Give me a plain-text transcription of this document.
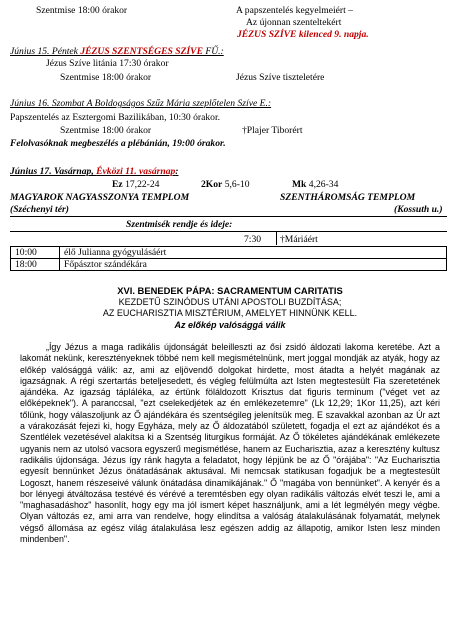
Szentmise 18:00 órakor	A papszentelés kegyelmeiért –
Az újonnan szenteltekért
JÉZUS SZÍVE kilenced 9. napja.
Június 15. Péntek JÉZUS SZENTSÉGES SZÍVE FŰ.:
Jézus Szíve litánia 17:30 órakor
Szentmise 18:00 órakor	Jézus Szíve tiszteletére
Június 16. Szombat A Boldogságos Szűz Mária szeplőtelen Szíve E.:
Papszentelés az Esztergomi Bazilikában, 10:30 órakor.
Szentmise 18:00 órakor	†Plajer Tiborért
Felolvasóknak megbeszélés a plébánián, 19:00 órakor.
Június 17. Vasárnap, Évközi 11. vasárnap:
Ez 17,22-24	2Kor 5,6-10	Mk 4,26-34
MAGYAROK NAGYASSZONYA TEMPLOM	SZENTHÁROMSÁG TEMPLOM
(Széchenyi tér)	(Kossuth u.)
Szentmisék rendje és ideje:
7:30 †Máriáért
10:00	élő Julianna gyógyulásáért
18:00	Főpásztor szándékára
XVI. BENEDEK PÁPA: SACRAMENTUM CARITATIS
KEZDETŰ SZINÓDUS UTÁNI APOSTOLI BUZDÍTÁSA;
AZ EUCHARISZTIA MISZTÉRIUM, AMELYET HINNÜNK KELL.
Az előkép valósággá válik
„Így Jézus a maga radikális újdonságát beleilleszti az ősi zsidó áldozati lakoma keretébe. Azt a lakomát nekünk, keresztényeknek többé nem kell megismételnünk, mert joggal mondják az atyák, hogy az előkép valósággá válik: az, ami az eljövendő dolgokat hirdette, most átadta a helyét magának az igazságnak. A régi szertartás beteljesedett, és végleg felülmúlta azt Isten megtestesült Fia szeretetének ajándéka. Az igazság táplálékа, az értünk föláldozott Krisztus dat figuris terminum ("véget vet az előképeknek"). A paranccsal, "ezt cselekedjétek az én emlékezetemre" (Lk 12,29; 1Kor 11,25), azt kéri tőlünk, hogy válaszoljunk az Ő ajándékára és szentségileg jelenítsük meg. E szavakkal azonban az Úr azt a várakozását fejezi ki, hogy Egyháza, mely az Ő áldozatából született, fogadja el ezt az ajándékot és a Szentlélek vezetésével alakítsa ki a Szentség liturgikus formáját. Az Ő tökéletes ajándékának emlékezete ugyanis nem az utolsó vacsora egyszerű megismétlése, hanem az Eucharisztia, azaz a keresztény kultusz radikális újdonsága. Jézus így ránk hagyta a feladatot, hogy lépjünk be az Ő "órájába": "Az Eucharisztia egyesít bennünket Jézus önátadásának aktusával. Mi nemcsak statikusan fogadjuk be a megtestesült Logoszt, hanem részeseivé válunk önátadása dinamikájának." Ő "magába von bennünket". A kenyér és a bor lényegi átváltozása testévé és vérévé a teremtésben egy olyan radikális változás elvét teszi le, ami a "maghasadáshoz" hasonlít, hogy egy ma jól ismert képet használjunk, ami a lét legmélyén megy végbe. Olyan változás ez, ami arra van rendelve, hogy elindítsa a valóság átalakulásának folyamatát, melynek végső állomása az egész világ átalakulása lesz egészen addig az állapotig, amikor Isten lesz minden mindenben".
